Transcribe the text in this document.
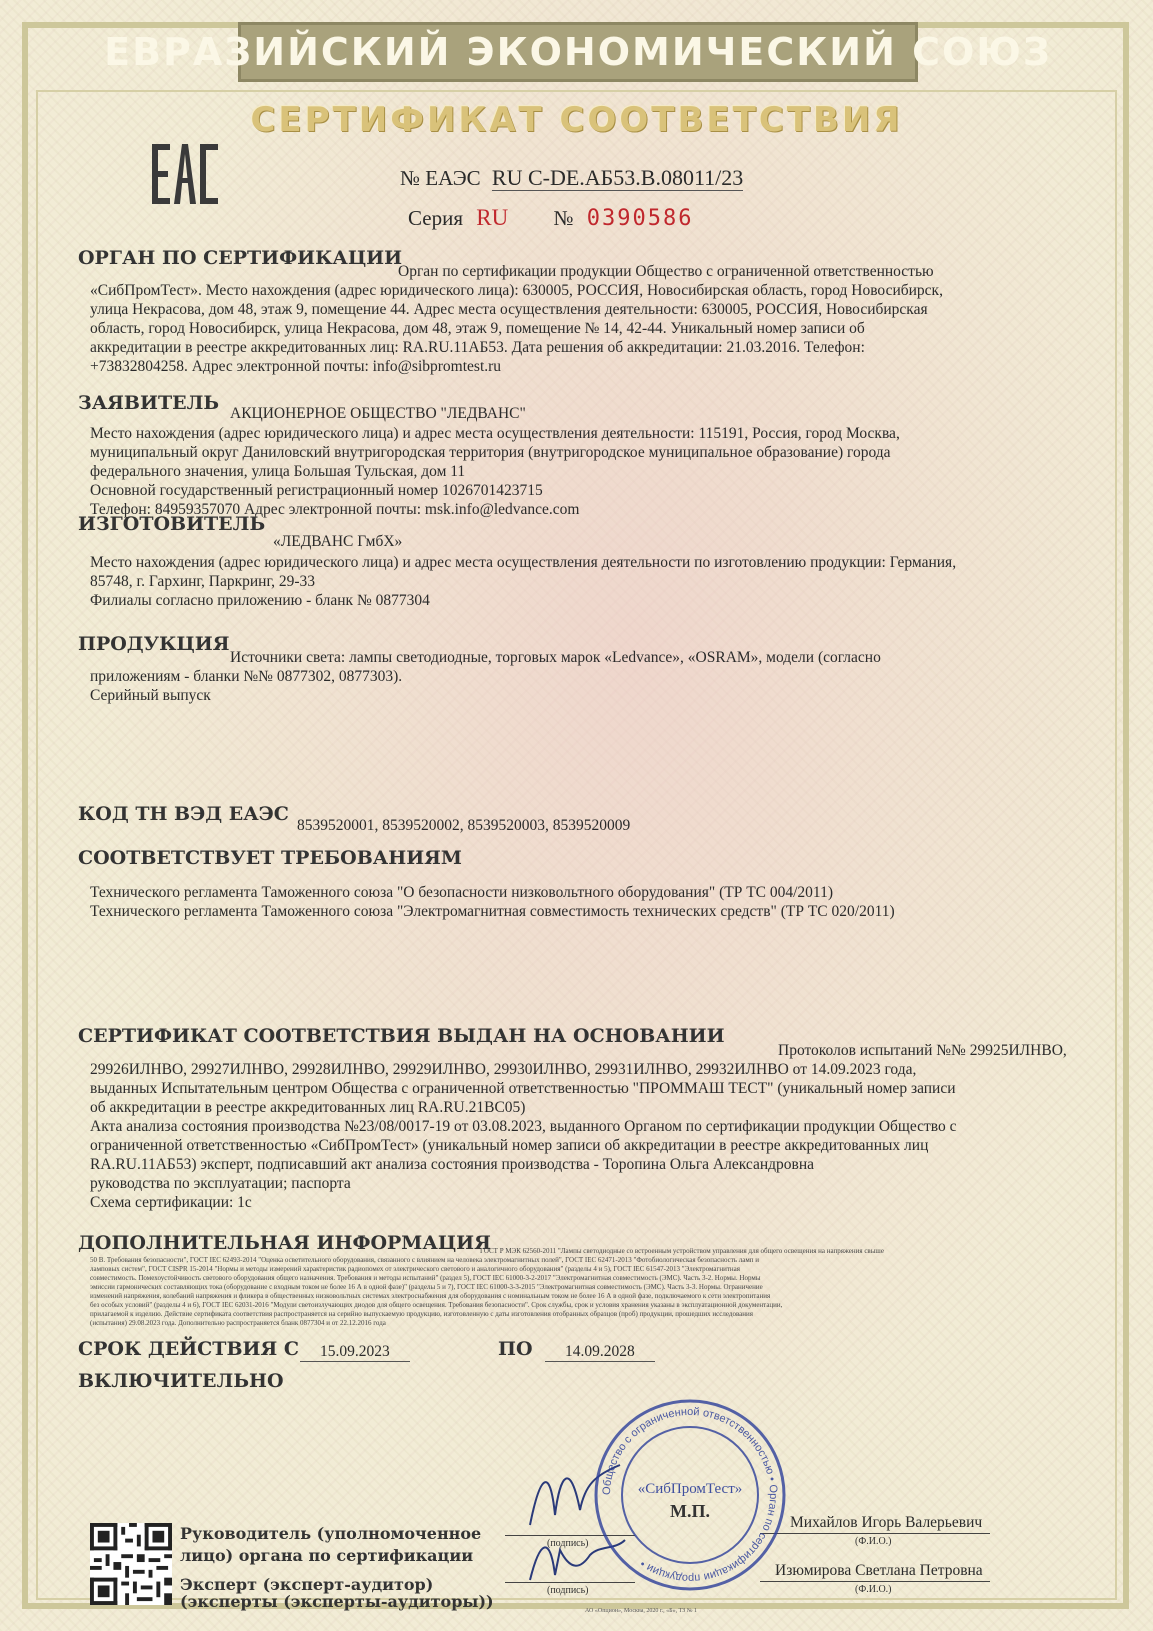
ЕВРАЗИЙСКИЙ ЭКОНОМИЧЕСКИЙ СОЮЗ
СЕРТИФИКАТ СООТВЕТСТВИЯ
№ ЕАЭС RU C-DE.АБ53.В.08011/23
Серия RU № 0390586
ОРГАН ПО СЕРТИФИКАЦИИ
Орган по сертификации продукции Общество с ограниченной ответственностью
«СибПромТест». Место нахождения (адрес юридического лица): 630005, РОССИЯ, Новосибирская область, город Новосибирск,
улица Некрасова, дом 48, этаж 9, помещение 44. Адрес места осуществления деятельности: 630005, РОССИЯ, Новосибирская
область, город Новосибирск, улица Некрасова, дом 48, этаж 9, помещение № 14, 42-44. Уникальный номер записи об
аккредитации в реестре аккредитованных лиц: RA.RU.11АБ53. Дата решения об аккредитации: 21.03.2016. Телефон:
+73832804258. Адрес электронной почты: info@sibpromtest.ru
ЗАЯВИТЕЛЬ АКЦИОНЕРНОЕ ОБЩЕСТВО "ЛЕДВАНС"
Место нахождения (адрес юридического лица) и адрес места осуществления деятельности: 115191, Россия, город Москва,
муниципальный округ Даниловский внутригородская территория (внутригородское муниципальное образование) города
федерального значения, улица Большая Тульская, дом 11
Основной государственный регистрационный номер 1026701423715
Телефон: 84959357070 Адрес электронной почты: msk.info@ledvance.com
ИЗГОТОВИТЕЛЬ
«ЛЕДВАНС ГмбХ»
Место нахождения (адрес юридического лица) и адрес места осуществления деятельности по изготовлению продукции: Германия,
85748, г. Гархинг, Паркринг, 29-33
Филиалы согласно приложению - бланк № 0877304
ПРОДУКЦИЯ
Источники света: лампы светодиодные, торговых марок «Ledvance», «OSRAM», модели (согласно
приложениям - бланки №№ 0877302, 0877303).
Серийный выпуск
КОД ТН ВЭД ЕАЭС
8539520001, 8539520002, 8539520003, 8539520009
СООТВЕТСТВУЕТ ТРЕБОВАНИЯМ
Технического регламента Таможенного союза "О безопасности низковольтного оборудования" (ТР ТС 004/2011)
Технического регламента Таможенного союза "Электромагнитная совместимость технических средств" (ТР ТС 020/2011)
СЕРТИФИКАТ СООТВЕТСТВИЯ ВЫДАН НА ОСНОВАНИИ
Протоколов испытаний №№ 29925ИЛНВО,
29926ИЛНВО, 29927ИЛНВО, 29928ИЛНВО, 29929ИЛНВО, 29930ИЛНВО, 29931ИЛНВО, 29932ИЛНВО от 14.09.2023 года,
выданных Испытательным центром Общества с ограниченной ответственностью "ПРОММАШ ТЕСТ" (уникальный номер записи
об аккредитации в реестре аккредитованных лиц RA.RU.21ВС05)
Акта анализа состояния производства №23/08/0017-19 от 03.08.2023, выданного Органом по сертификации продукции Общество с
ограниченной ответственностью «СибПромТест» (уникальный номер записи об аккредитации в реестре аккредитованных лиц
RA.RU.11АБ53) эксперт, подписавший акт анализа состояния производства - Торопина Ольга Александровна
руководства по эксплуатации; паспорта
Схема сертификации: 1с
ДОПОЛНИТЕЛЬНАЯ ИНФОРМАЦИЯ
ГОСТ Р МЭК 62560-2011 "Лампы светодиодные со встроенным устройством управления для общего освещения на напряжения свыше
50 В. Требования безопасности", ГОСТ IEC 62493-2014 "Оценка осветительного оборудования, связанного с влиянием на человека электромагнитных полей", ГОСТ IEC 62471-2013 "Фотобиологическая безопасность ламп и
ламповых систем", ГОСТ CISPR 15-2014 "Нормы и методы измерений характеристик радиопомех от электрического светового и аналогичного оборудования" (разделы 4 и 5), ГОСТ IEC 61547-2013 "Электромагнитная
совместимость. Помехоустойчивость светового оборудования общего назначения. Требования и методы испытаний" (раздел 5), ГОСТ IEC 61000-3-2-2017 "Электромагнитная совместимость (ЭМС). Часть 3-2. Нормы. Нормы
эмиссии гармонических составляющих тока (оборудование с входным током не более 16 А в одной фазе)" (разделы 5 и 7), ГОСТ IEC 61000-3-3-2015 "Электромагнитная совместимость (ЭМС). Часть 3-3. Нормы. Ограничение
изменений напряжения, колебаний напряжения и фликера в общественных низковольтных системах электроснабжения для оборудования с номинальным током не более 16 А в одной фазе, подключаемого к сети электропитания
без особых условий" (разделы 4 и 6), ГОСТ IEC 62031-2016 "Модули светоизлучающих диодов для общего освещения. Требования безопасности". Срок службы, срок и условия хранения указаны в эксплуатационной документации,
прилагаемой к изделию. Действие сертификата соответствия распространяется на серийно выпускаемую продукцию, изготовленную с даты изготовления отобранных образцов (проб) продукции, прошедших исследования
(испытания) 29.08.2023 года. Дополнительно распространяется бланк 0877304 и от 22.12.2016 года
СРОК ДЕЙСТВИЯ С	15.09.2023	ПО	14.09.2028
ВКЛЮЧИТЕЛЬНО
Руководитель (уполномоченное
лицо) органа по сертификации
Эксперт (эксперт-аудитор)
(эксперты (эксперты-аудиторы))
(подпись)
(подпись)
Михайлов Игорь Валерьевич
(Ф.И.О.)
Изюмирова Светлана Петровна
(Ф.И.О.)
Общество с ограниченной ответственностью • Орган по сертификации продукции •
«СибПромТест»
М.П.
АО «Опцион», Москва, 2020 г., «Б», ТЗ № 1
